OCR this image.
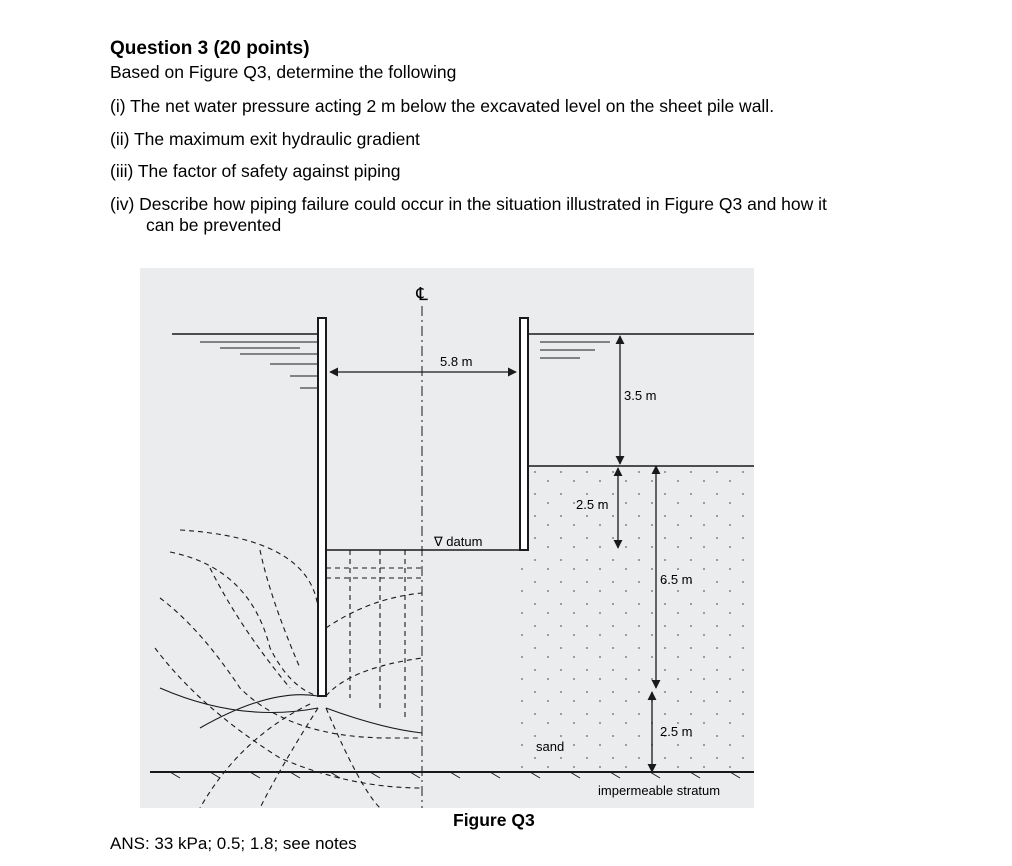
Question 3 (20 points)
Based on Figure Q3, determine the following
(i) The net water pressure acting 2 m below the excavated level on the sheet pile wall.
(ii) The maximum exit hydraulic gradient
(iii) The factor of safety against piping
(iv) Describe how piping failure could occur in the situation illustrated in Figure Q3 and how it
can be prevented
℄
5.8 m
3.5 m
2.5 m
∇ datum
6.5 m
2.5 m
sand
impermeable stratum
Figure Q3
ANS: 33 kPa; 0.5; 1.8; see notes
